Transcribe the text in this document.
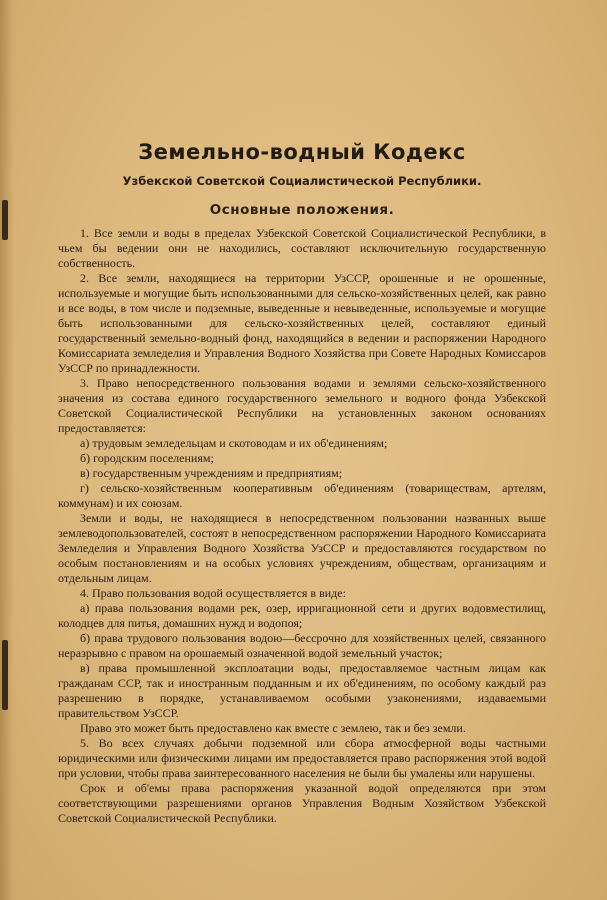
Земельно-водный Кодекс
Узбекской Советской Социалистической Республики.
Основные положения.

1. Все земли и воды в пределах Узбекской Советской Социалистической Республики, в чьем бы ведении они не находились, составляют исключительную государственную собственность.

2. Все земли, находящиеся на территории УзССР, орошенные и не орошенные, используемые и могущие быть использованными для сельско-хозяйственных целей, как равно и все воды, в том числе и подземные, выведенные и невыведенные, используемые и могущие быть использованными для сельско-хозяйственных целей, составляют единый государственный земельно-водный фонд, находящийся в ведении и распоряжении Народного Комиссариата земледелия и Управления Водного Хозяйства при Совете Народных Комиссаров УзССР по принадлежности.

3. Право непосредственного пользования водами и землями сельско-хозяйственного значения из состава единого государственного земельного и водного фонда Узбекской Советской Социалистической Республики на установленных законом основаниях предоставляется:

а) трудовым земледельцам и скотоводам и их об'единениям;

б) городским поселениям;

в) государственным учреждениям и предприятиям;

г) сельско-хозяйственным кооперативным об'единениям (товариществам, артелям, коммунам) и их союзам.

Земли и воды, не находящиеся в непосредственном пользовании названных выше землеводопользователей, состоят в непосредственном распоряжении Народного Комиссариата Земледелия и Управления Водного Хозяйства УзССР и предоставляются государством по особым постановлениям и на особых условиях учреждениям, обществам, организациям и отдельным лицам.

4. Право пользования водой осуществляется в виде:

а) права пользования водами рек, озер, ирригационной сети и других водовместилищ, колодцев для питья, домашних нужд и водопоя;

б) права трудового пользования водою—бессрочно для хозяйственных целей, связанного неразрывно с правом на орошаемый означенной водой земельный участок;

в) права промышленной эксплоатации воды, предоставляемое частным лицам как гражданам ССР, так и иностранным подданным и их об'единениям, по особому каждый раз разрешению в порядке, устанавливаемом особыми узаконениями, издаваемыми правительством УзССР.

Право это может быть предоставлено как вместе с землею, так и без земли.

5. Во всех случаях добычи подземной или сбора атмосферной воды частными юридическими или физическими лицами им предоставляется право распоряжения этой водой при условии, чтобы права заинтересованного населения не были бы умалены или нарушены.

Срок и об'емы права распоряжения указанной водой определяются при этом соответствующими разрешениями органов Управления Водным Хозяйством Узбекской Советской Социалистической Республики.
